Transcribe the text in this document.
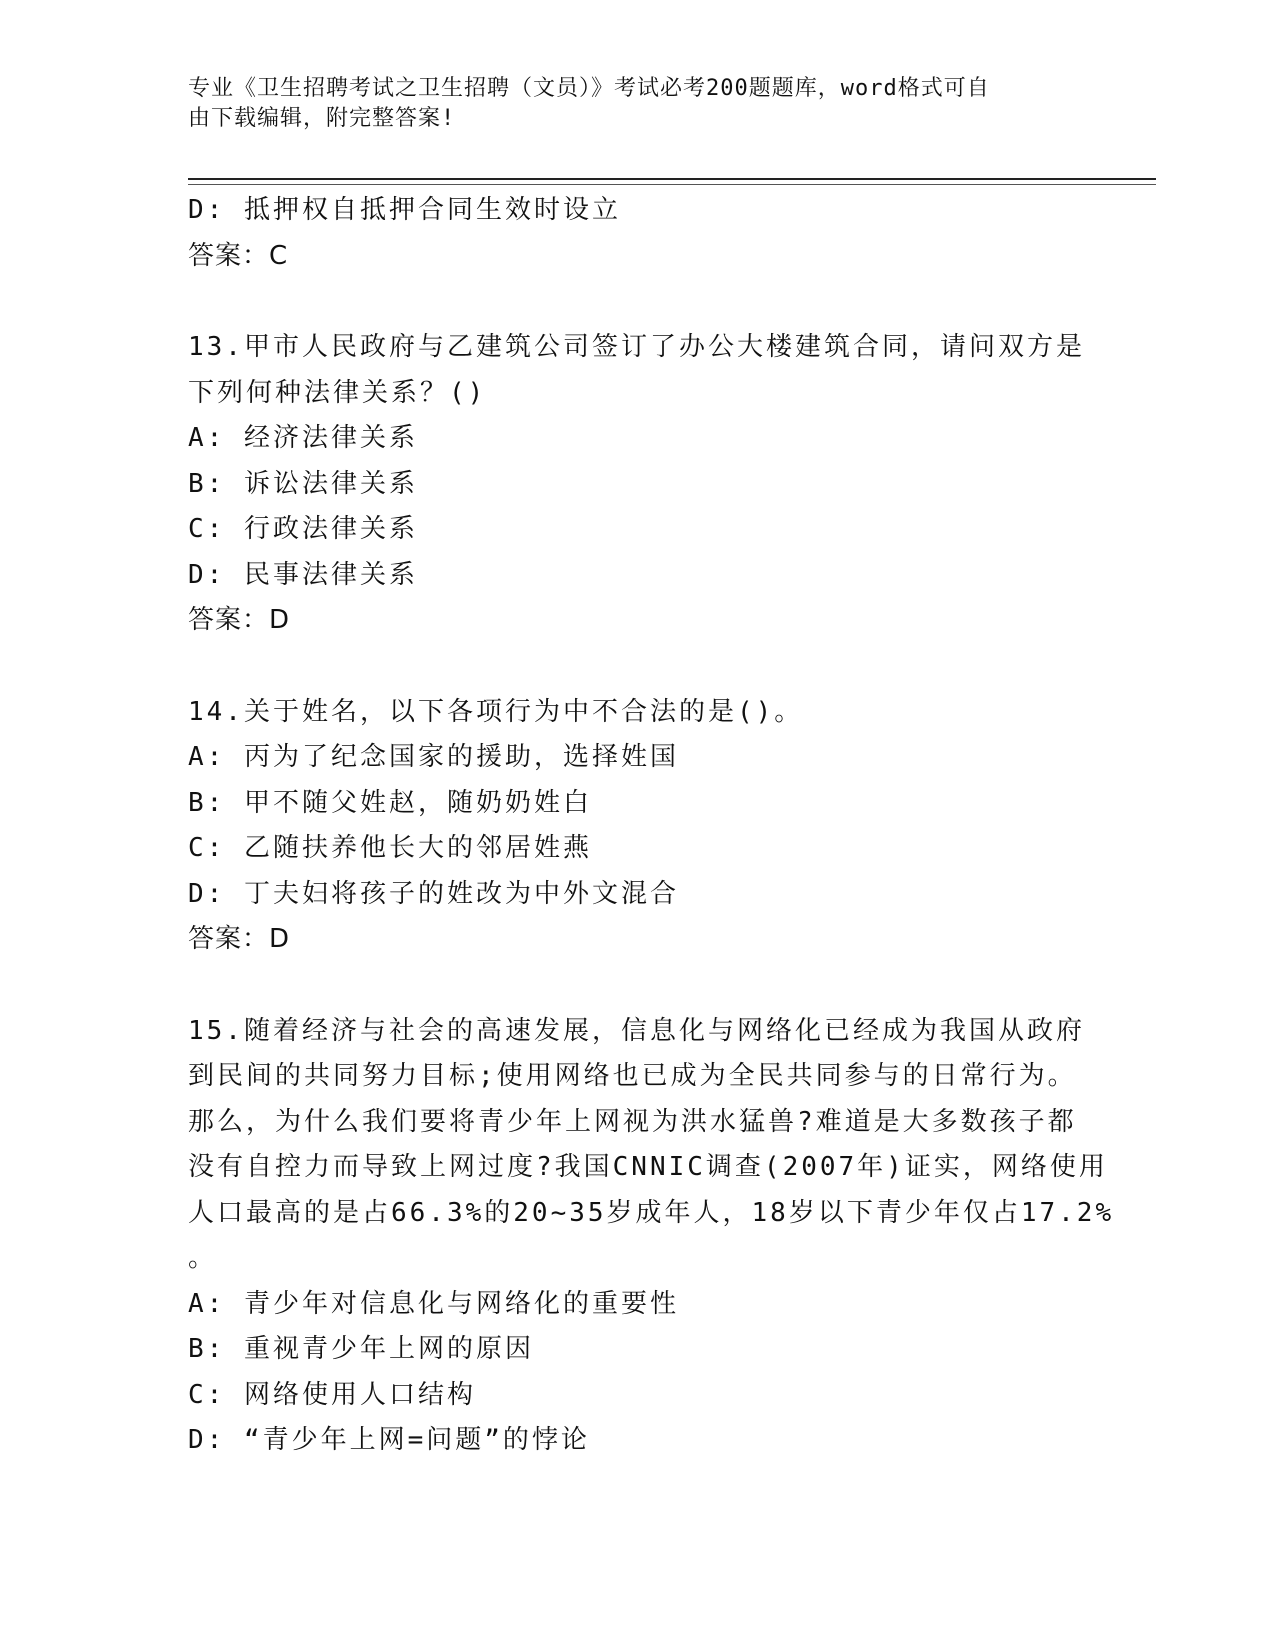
专业《卫生招聘考试之卫生招聘（文员）》考试必考200题题库，word格式可自
由下载编辑，附完整答案!
D: 抵押权自抵押合同生效时设立
答案：C
13.甲市人民政府与乙建筑公司签订了办公大楼建筑合同，请问双方是
下列何种法律关系？()
A: 经济法律关系
B: 诉讼法律关系
C: 行政法律关系
D: 民事法律关系
答案：D
14.关于姓名，以下各项行为中不合法的是()。
A: 丙为了纪念国家的援助，选择姓国
B: 甲不随父姓赵，随奶奶姓白
C: 乙随扶养他长大的邻居姓燕
D: 丁夫妇将孩子的姓改为中外文混合
答案：D
15.随着经济与社会的高速发展，信息化与网络化已经成为我国从政府
到民间的共同努力目标;使用网络也已成为全民共同参与的日常行为。
那么，为什么我们要将青少年上网视为洪水猛兽?难道是大多数孩子都
没有自控力而导致上网过度?我国CNNIC调查(2007年)证实，网络使用
人口最高的是占66.3%的20~35岁成年人，18岁以下青少年仅占17.2%
。
A: 青少年对信息化与网络化的重要性
B: 重视青少年上网的原因
C: 网络使用人口结构
D: “青少年上网=问题”的悖论
